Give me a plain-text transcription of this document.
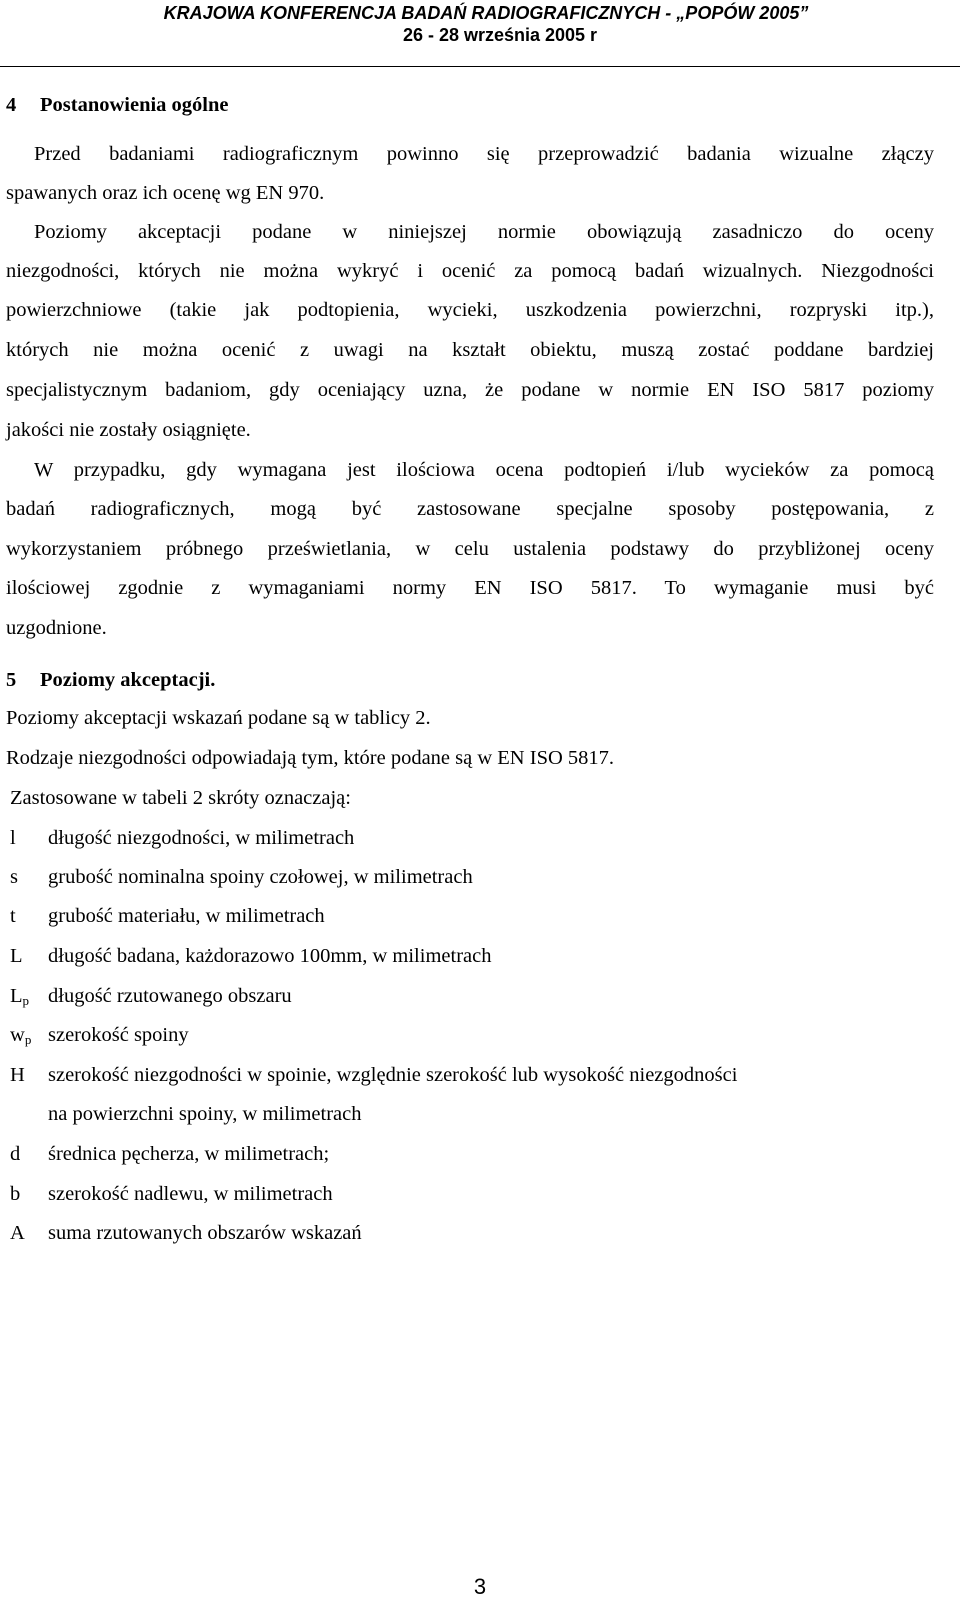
KRAJOWA KONFERENCJA BADAŃ RADIOGRAFICZNYCH - „POPÓW 2005”
26 - 28 września 2005 r
4 Postanowienia ogólne
Przed badaniami radiograficznym powinno się przeprowadzić badania wizualne złączy
spawanych oraz ich ocenę wg EN 970.
Poziomy akceptacji podane w niniejszej normie obowiązują zasadniczo do oceny
niezgodności, których nie można wykryć i ocenić za pomocą badań wizualnych. Niezgodności
powierzchniowe (takie jak podtopienia, wycieki, uszkodzenia powierzchni, rozpryski itp.),
których nie można ocenić z uwagi na kształt obiektu, muszą zostać poddane bardziej
specjalistycznym badaniom, gdy oceniający uzna, że podane w normie EN ISO 5817 poziomy
jakości nie zostały osiągnięte.
W przypadku, gdy wymagana jest ilościowa ocena podtopień i/lub wycieków za pomocą
badań radiograficznych, mogą być zastosowane specjalne sposoby postępowania, z
wykorzystaniem próbnego prześwietlania, w celu ustalenia podstawy do przybliżonej oceny
ilościowej zgodnie z wymaganiami normy EN ISO 5817. To wymaganie musi być
uzgodnione.
5 Poziomy akceptacji.
Poziomy akceptacji wskazań podane są w tablicy 2.
Rodzaje niezgodności odpowiadają tym, które podane są w EN ISO 5817.
Zastosowane w tabeli 2 skróty oznaczają:
l długość niezgodności, w milimetrach
s grubość nominalna spoiny czołowej, w milimetrach
t grubość materiału, w milimetrach
L długość badana, każdorazowo 100mm, w milimetrach
$L_p$ długość rzutowanego obszaru
$w_p$ szerokość spoiny
H szerokość niezgodności w spoinie, względnie szerokość lub wysokość niezgodności
na powierzchni spoiny, w milimetrach
d średnica pęcherza, w milimetrach;
b szerokość nadlewu, w milimetrach
A suma rzutowanych obszarów wskazań
3
